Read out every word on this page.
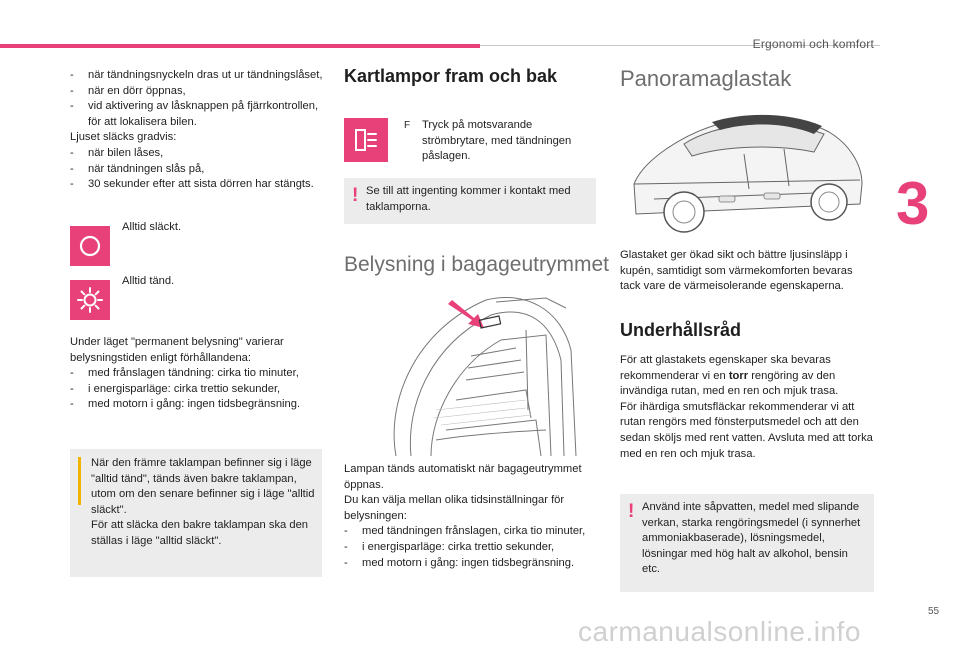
Ergonomi och komfort
3
55
carmanualsonline.info
- när tändningsnyckeln dras ut ur tändningslåset,
- när en dörr öppnas,
- vid aktivering av låsknappen på fjärrkontrollen, för att lokalisera bilen.
Ljuset släcks gradvis:
- när bilen låses,
- när tändningen slås på,
- 30 sekunder efter att sista dörren har stängts.
Alltid släckt.
Alltid tänd.
Under läget "permanent belysning" varierar belysningstiden enligt förhållandena:
- med frånslagen tändning: cirka tio minuter,
- i energisparläge: cirka trettio sekunder,
- med motorn i gång: ingen tidsbegränsning.
När den främre taklampan befinner sig i läge "alltid tänd", tänds även bakre taklampan, utom om den senare befinner sig i läge "alltid släckt".
För att släcka den bakre taklampan ska den ställas i läge "alltid släckt".
Kartlampor fram och bak
F Tryck på motsvarande strömbrytare, med tändningen påslagen.
! Se till att ingenting kommer i kontakt med taklamporna.
Belysning i bagageutrymmet
Lampan tänds automatiskt när bagageutrymmet öppnas.
Du kan välja mellan olika tidsinställningar för belysningen:
- med tändningen frånslagen, cirka tio minuter,
- i energisparläge: cirka trettio sekunder,
- med motorn i gång: ingen tidsbegränsning.
Panoramaglastak
Glastaket ger ökad sikt och bättre ljusinsläpp i kupén, samtidigt som värmekomforten bevaras tack vare de värmeisolerande egenskaperna.
Underhållsråd
För att glastakets egenskaper ska bevaras rekommenderar vi en torr rengöring av den invändiga rutan, med en ren och mjuk trasa.
För ihärdiga smutsfläckar rekommenderar vi att rutan rengörs med fönsterputsmedel och att den sedan sköljs med rent vatten. Avsluta med att torka med en ren och mjuk trasa.
! Använd inte såpvatten, medel med slipande verkan, starka rengöringsmedel (i synnerhet ammoniakbaserade), lösningsmedel, lösningar med hög halt av alkohol, bensin etc.
